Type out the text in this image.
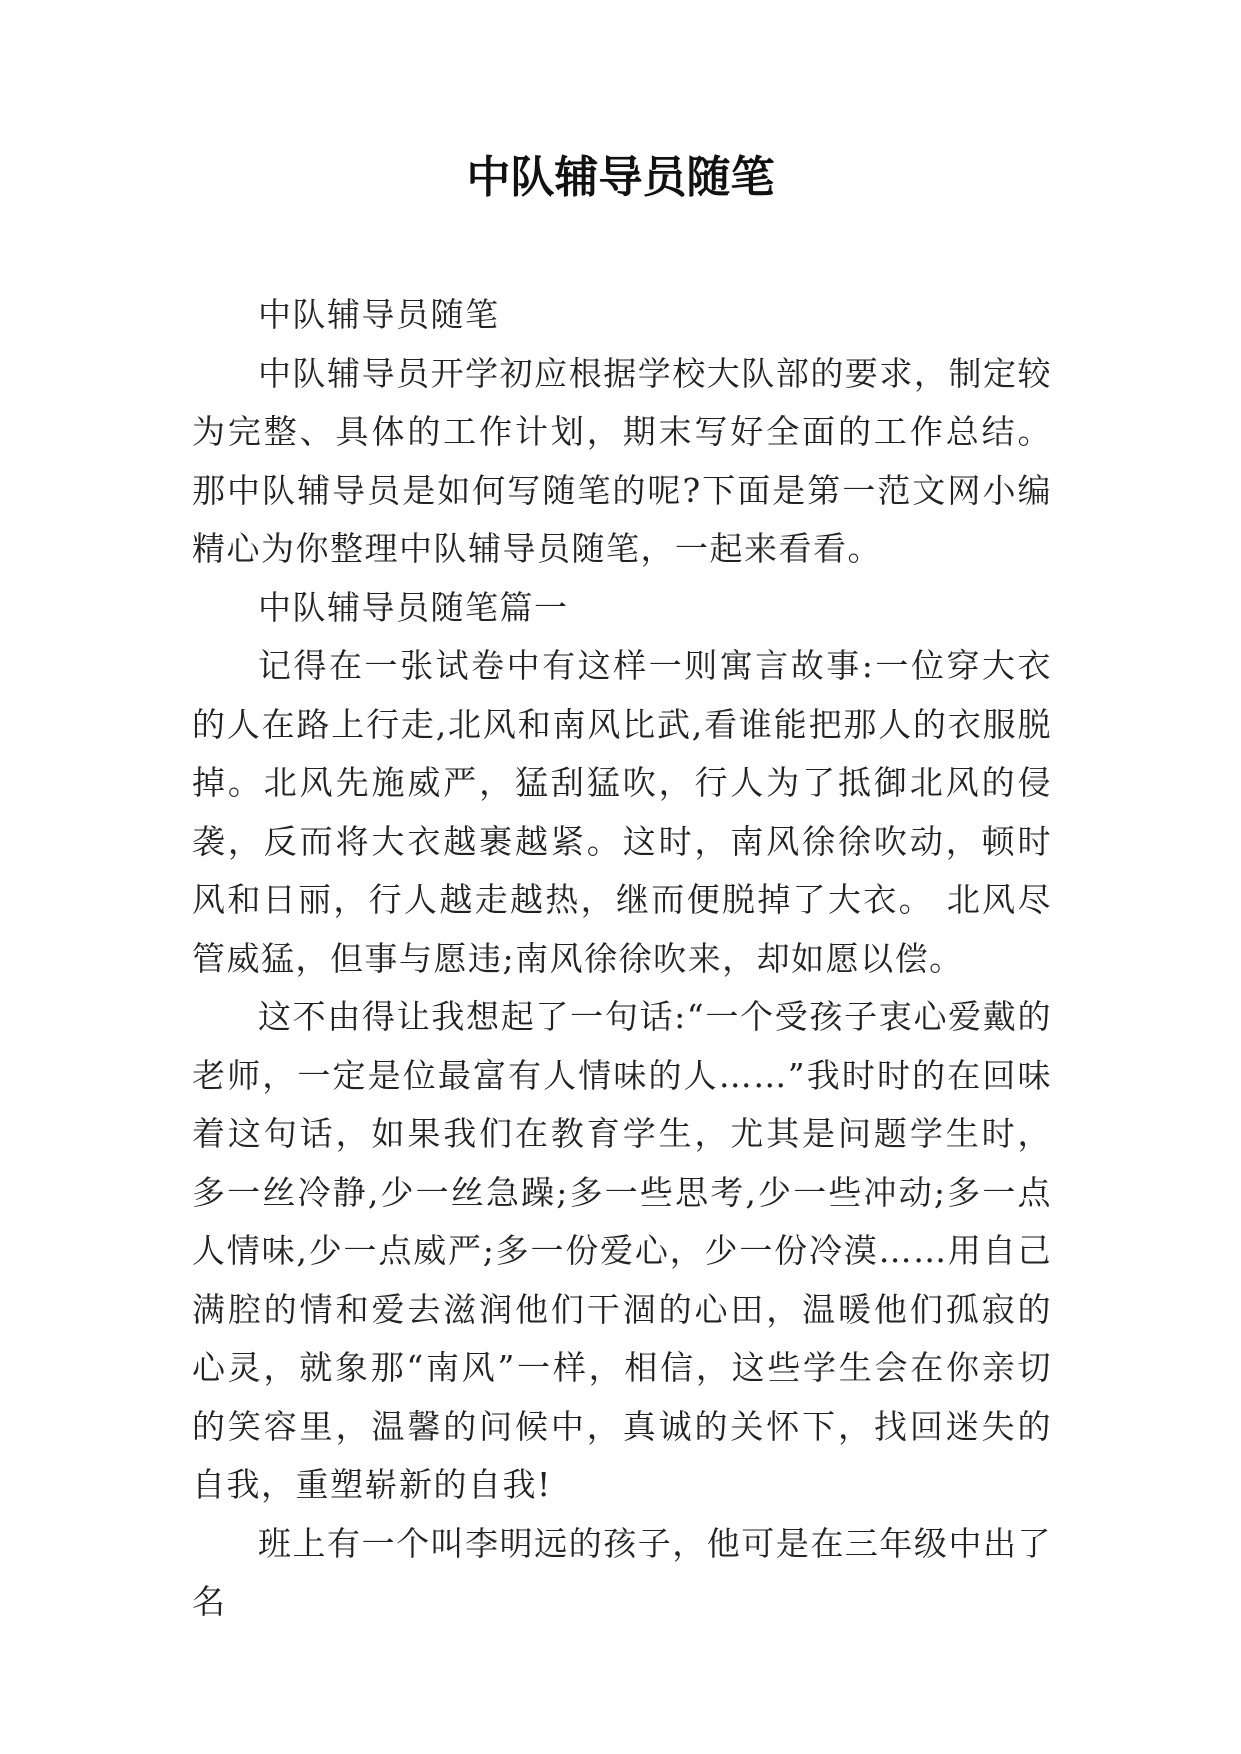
中队辅导员随笔

中队辅导员随笔

中队辅导员开学初应根据学校大队部的要求，制定较为完整、具体的工作计划，期末写好全面的工作总结。那中队辅导员是如何写随笔的呢?下面是第一范文网小编精心为你整理中队辅导员随笔，一起来看看。

中队辅导员随笔篇一

记得在一张试卷中有这样一则寓言故事:一位穿大衣的人在路上行走,北风和南风比武,看谁能把那人的衣服脱掉。北风先施威严，猛刮猛吹，行人为了抵御北风的侵袭，反而将大衣越裹越紧。这时，南风徐徐吹动，顿时风和日丽，行人越走越热，继而便脱掉了大衣。 北风尽管威猛，但事与愿违;南风徐徐吹来，却如愿以偿。

这不由得让我想起了一句话:“一个受孩子衷心爱戴的老师，一定是位最富有人情味的人……”我时时的在回味着这句话，如果我们在教育学生，尤其是问题学生时，多一丝冷静,少一丝急躁;多一些思考,少一些冲动;多一点人情味,少一点威严;多一份爱心，少一份冷漠……用自己满腔的情和爱去滋润他们干涸的心田，温暖他们孤寂的心灵，就象那“南风”一样，相信，这些学生会在你亲切的笑容里，温馨的问候中，真诚的关怀下，找回迷失的自我，重塑崭新的自我!

班上有一个叫李明远的孩子，他可是在三年级中出了名
